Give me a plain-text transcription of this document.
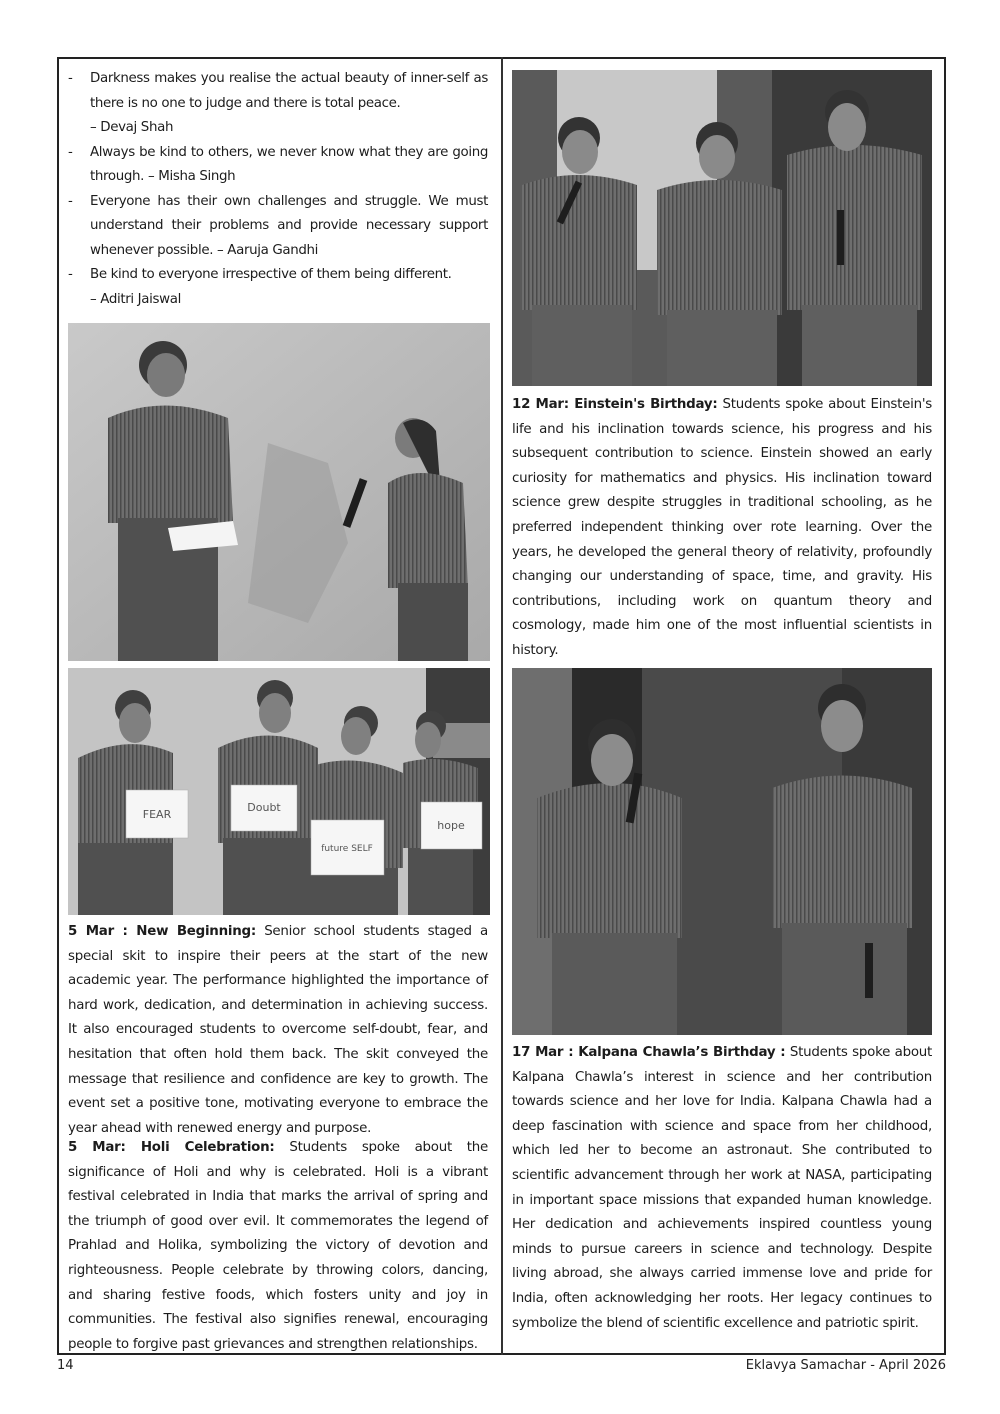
- Darkness makes you realise the actual beauty of inner-self as there is no one to judge and there is total peace.
– Devaj Shah
- Always be kind to others, we never know what they are going through. – Misha Singh
- Everyone has their own challenges and struggle. We must understand their problems and provide necessary support whenever possible. – Aaruja Gandhi
- Be kind to everyone irrespective of them being different.
– Aditri Jaiswal
FEAR
Doubt
future SELF
hope
5 Mar : New Beginning: Senior school students staged a special skit to inspire their peers at the start of the new academic year. The performance highlighted the importance of hard work, dedication, and determination in achieving success. It also encouraged students to overcome self-doubt, fear, and hesitation that often hold them back. The skit conveyed the message that resilience and confidence are key to growth. The event set a positive tone, motivating everyone to embrace the year ahead with renewed energy and purpose.
5 Mar: Holi Celebration: Students spoke about the significance of Holi and why is celebrated. Holi is a vibrant festival celebrated in India that marks the arrival of spring and the triumph of good over evil. It commemorates the legend of Prahlad and Holika, symbolizing the victory of devotion and righteousness. People celebrate by throwing colors, dancing, and sharing festive foods, which fosters unity and joy in communities. The festival also signifies renewal, encouraging people to forgive past grievances and strengthen relationships.
12 Mar: Einstein's Birthday: Students spoke about Einstein's life and his inclination towards science, his progress and his subsequent contribution to science. Einstein showed an early curiosity for mathematics and physics. His inclination toward science grew despite struggles in traditional schooling, as he preferred independent thinking over rote learning. Over the years, he developed the general theory of relativity, profoundly changing our understanding of space, time, and gravity. His contributions, including work on quantum theory and cosmology, made him one of the most influential scientists in history.
17 Mar : Kalpana Chawla’s Birthday : Students spoke about Kalpana Chawla’s interest in science and her contribution towards science and her love for India. Kalpana Chawla had a deep fascination with science and space from her childhood, which led her to become an astronaut. She contributed to scientific advancement through her work at NASA, participating in important space missions that expanded human knowledge. Her dedication and achievements inspired countless young minds to pursue careers in science and technology. Despite living abroad, she always carried immense love and pride for India, often acknowledging her roots. Her legacy continues to symbolize the blend of scientific excellence and patriotic spirit.
14	Eklavya Samachar - April 2026
